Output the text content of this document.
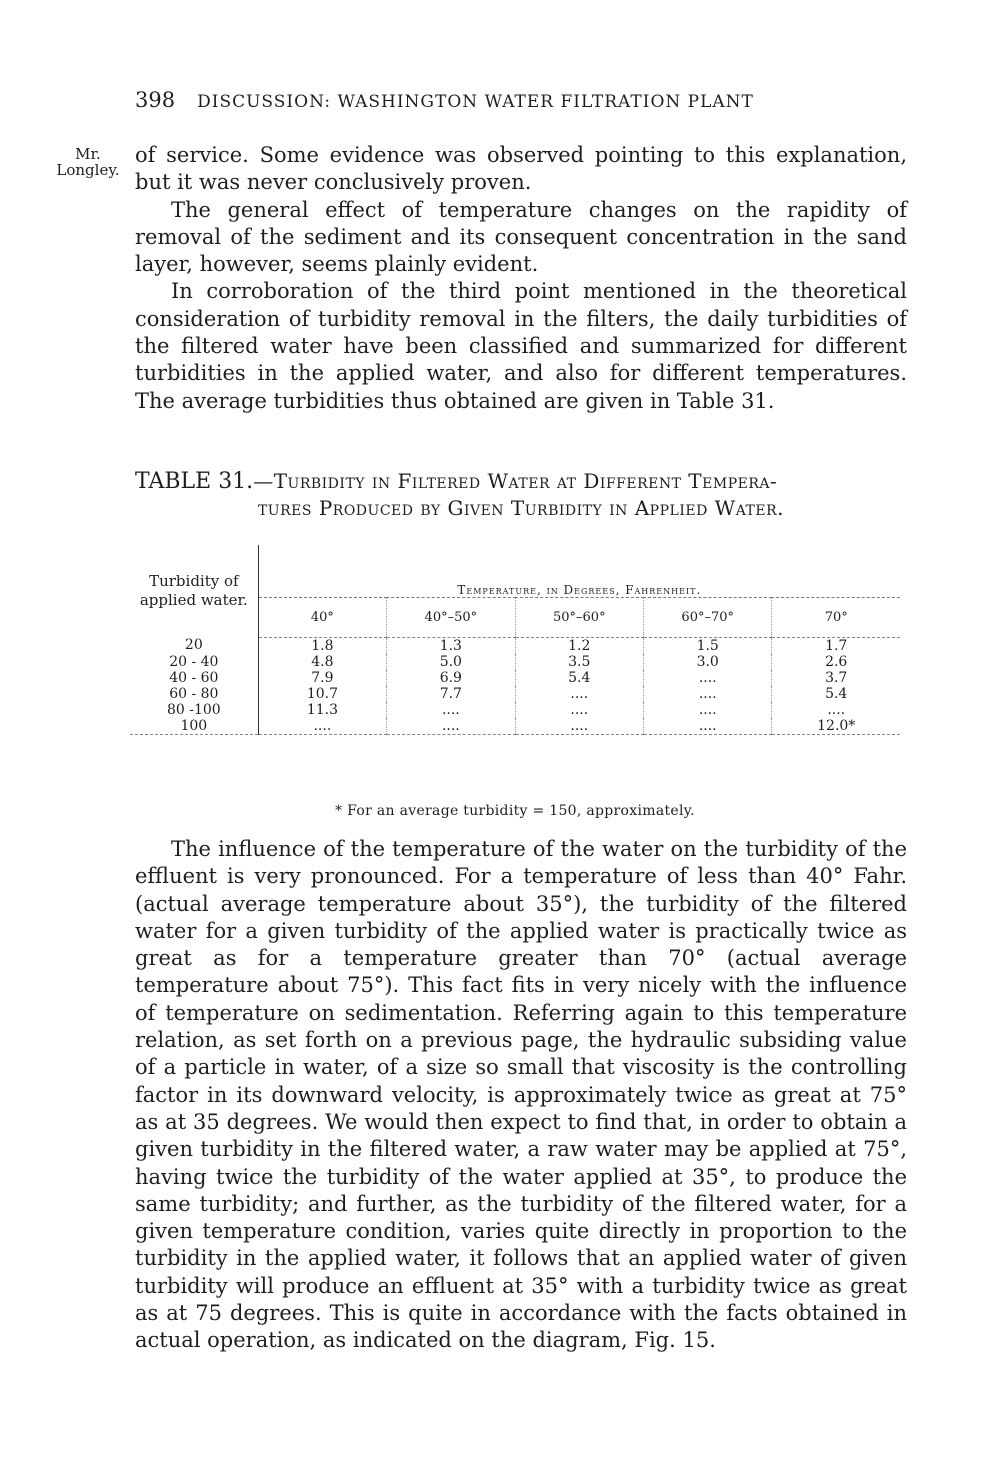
398 DISCUSSION: WASHINGTON WATER FILTRATION PLANT
Mr.
Longley.

of service. Some evidence was observed pointing to this explanation, but it was never conclusively proven.

The general effect of temperature changes on the rapidity of removal of the sediment and its consequent concentration in the sand layer, however, seems plainly evident.

In corroboration of the third point mentioned in the theoretical consideration of turbidity removal in the filters, the daily turbidities of the filtered water have been classified and summarized for different turbidities in the applied water, and also for different temperatures. The average turbidities thus obtained are given in Table 31.

TABLE 31.—Turbidity in Filtered Water at Different Tempera-
tures Produced by Given Turbidity in Applied Water.
Turbidity of applied water.	Temperature, in Degrees, Fahrenheit.				
	40°	40°–50°	50°–60°	60°–70°	70°
20	1.8	1.3	1.2	1.5	1.7
20 - 40	4.8	5.0	3.5	3.0	2.6
40 - 60	7.9	6.9	5.4	....	3.7
60 - 80	10.7	7.7	....	....	5.4
80 -100	11.3	....	....	....	....
100	....	....	....	....	12.0*
* For an average turbidity = 150, approximately.

The influence of the temperature of the water on the turbidity of the effluent is very pronounced. For a temperature of less than 40° Fahr. (actual average temperature about 35°), the turbidity of the filtered water for a given turbidity of the applied water is practically twice as great as for a temperature greater than 70° (actual average temperature about 75°). This fact fits in very nicely with the influence of temperature on sedimentation. Referring again to this temperature relation, as set forth on a previous page, the hydraulic subsiding value of a particle in water, of a size so small that viscosity is the controlling factor in its downward velocity, is approximately twice as great at 75° as at 35 degrees. We would then expect to find that, in order to obtain a given turbidity in the filtered water, a raw water may be applied at 75°, having twice the turbidity of the water applied at 35°, to produce the same turbidity; and further, as the turbidity of the filtered water, for a given temperature condition, varies quite directly in proportion to the turbidity in the applied water, it follows that an applied water of given turbidity will produce an effluent at 35° with a turbidity twice as great as at 75 degrees. This is quite in accordance with the facts obtained in actual operation, as indicated on the diagram, Fig. 15.
